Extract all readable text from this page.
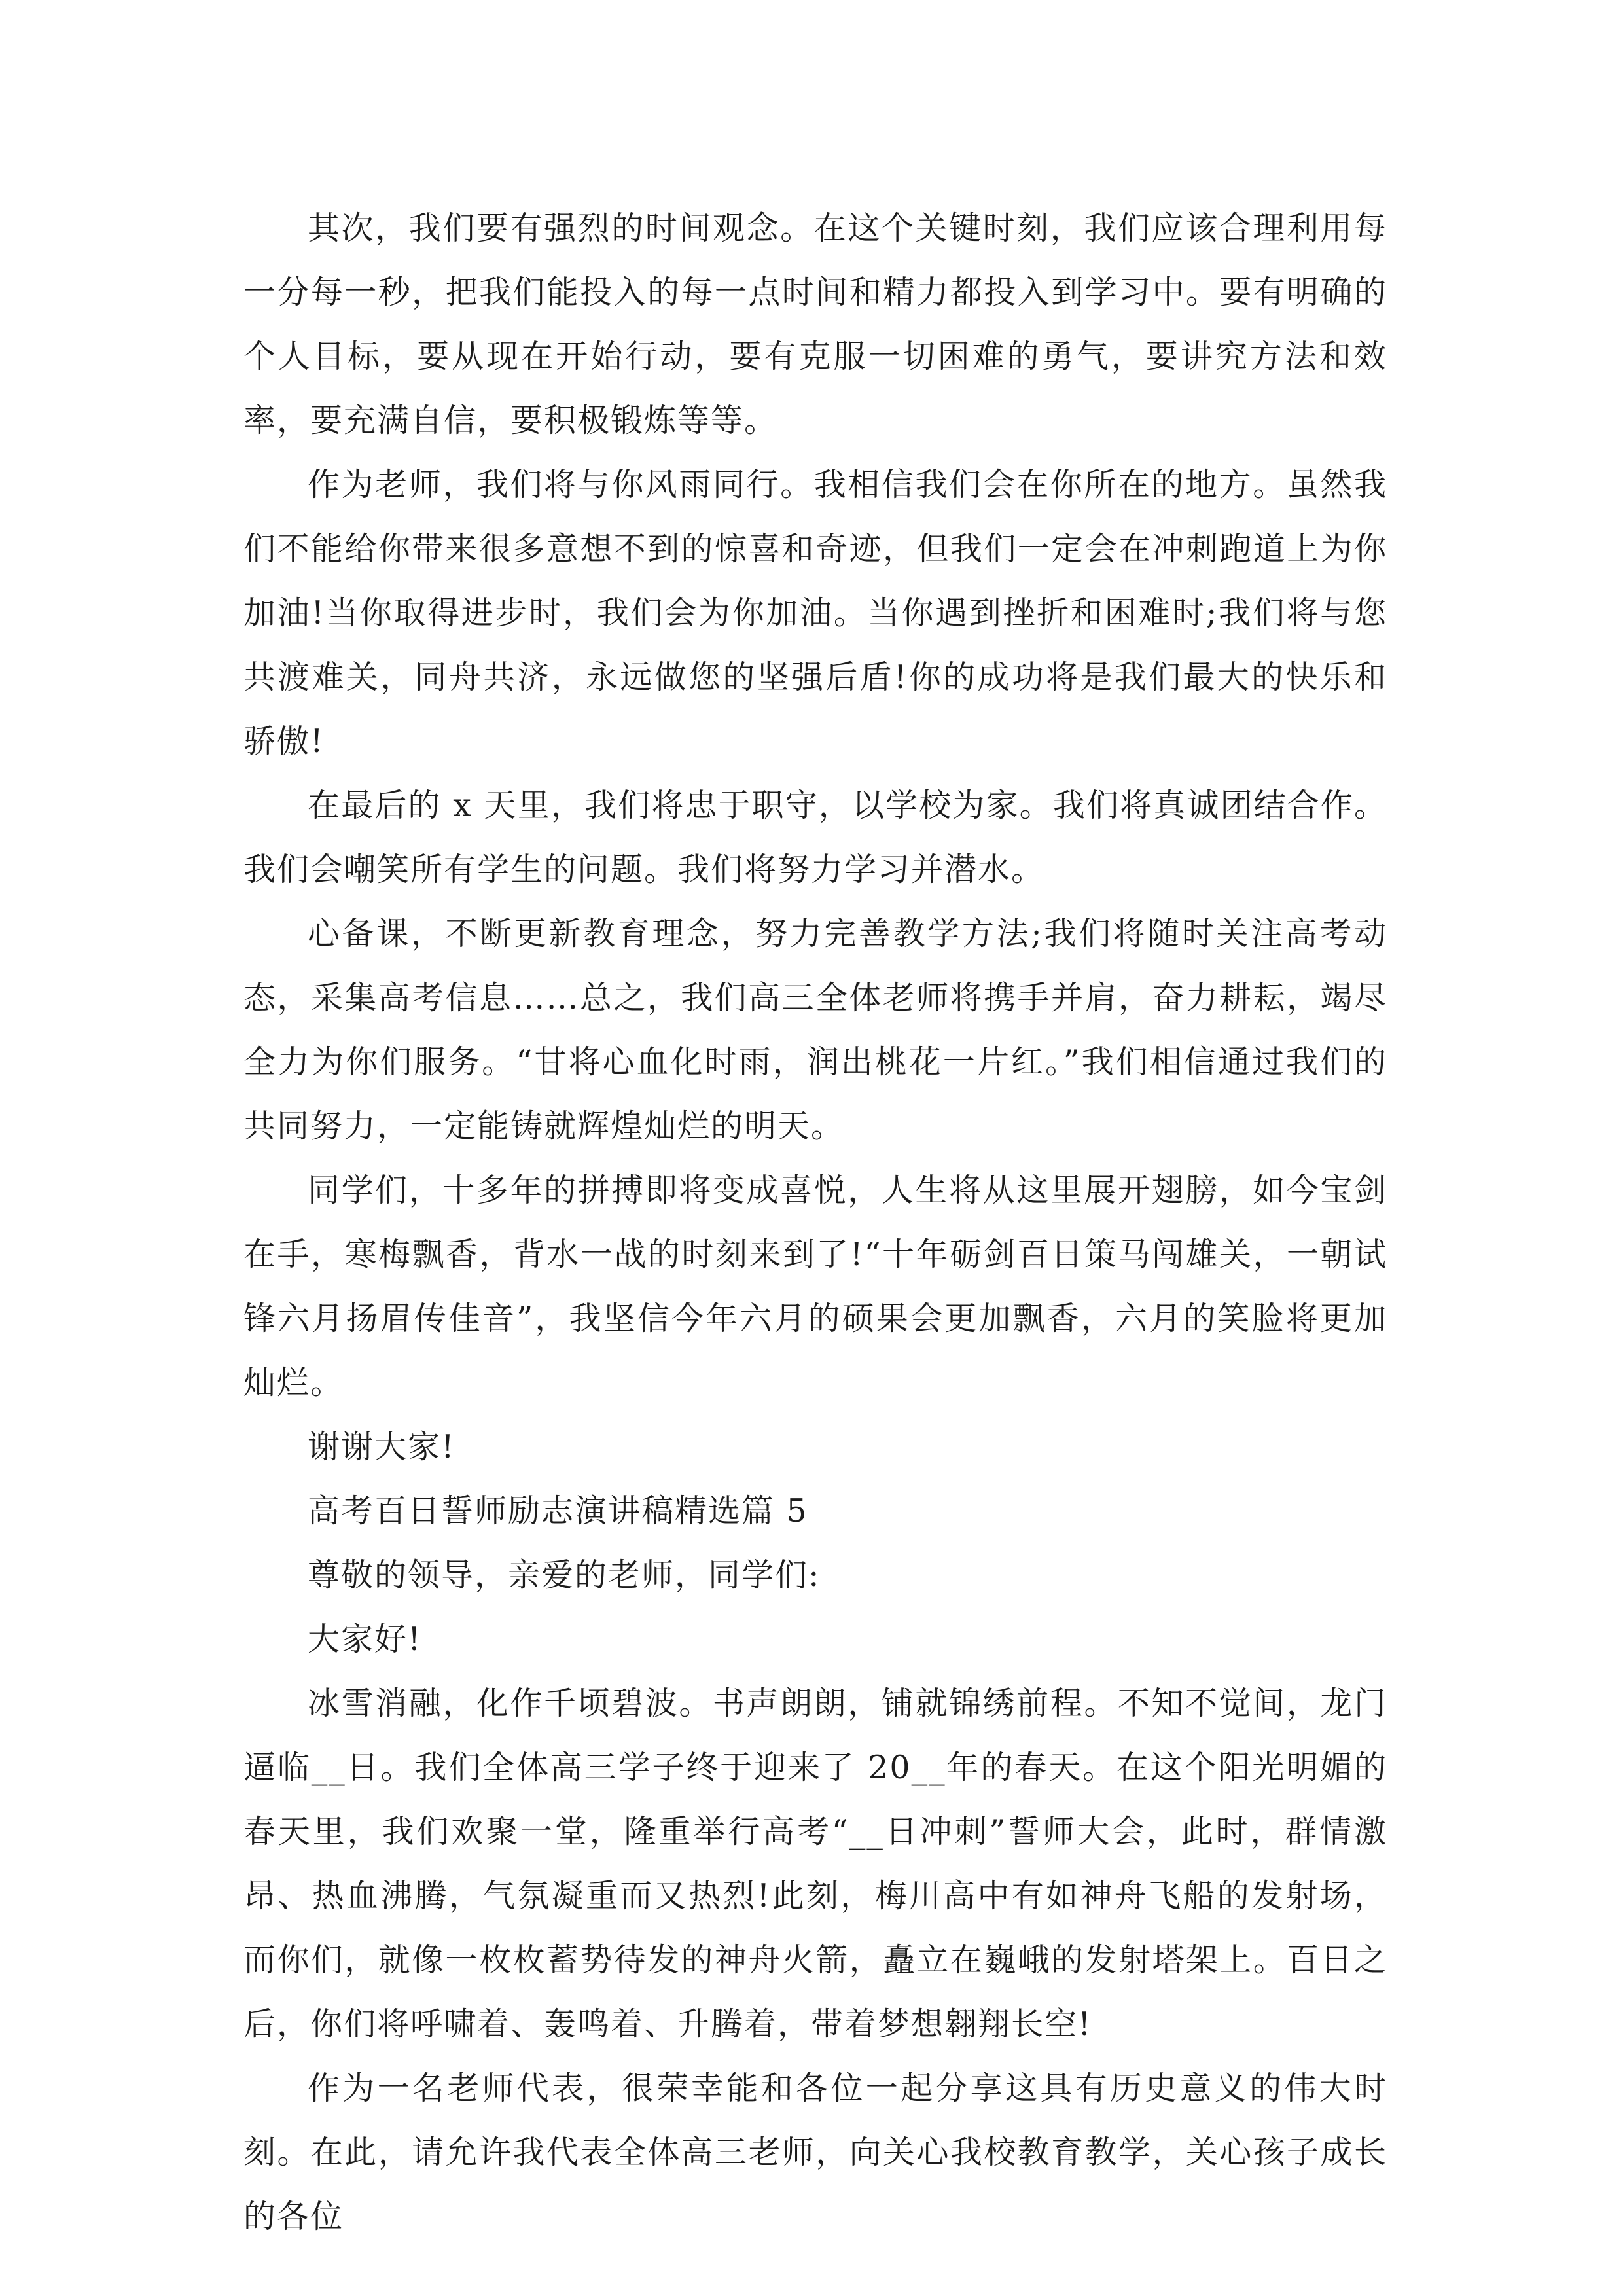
其次，我们要有强烈的时间观念。在这个关键时刻，我们应该合理利用每一分每一秒，把我们能投入的每一点时间和精力都投入到学习中。要有明确的个人目标，要从现在开始行动，要有克服一切困难的勇气，要讲究方法和效率，要充满自信，要积极锻炼等等。

作为老师，我们将与你风雨同行。我相信我们会在你所在的地方。虽然我们不能给你带来很多意想不到的惊喜和奇迹，但我们一定会在冲刺跑道上为你加油!当你取得进步时，我们会为你加油。当你遇到挫折和困难时;我们将与您共渡难关，同舟共济，永远做您的坚强后盾!你的成功将是我们最大的快乐和骄傲!

在最后的 x 天里，我们将忠于职守，以学校为家。我们将真诚团结合作。我们会嘲笑所有学生的问题。我们将努力学习并潜水。

心备课，不断更新教育理念，努力完善教学方法;我们将随时关注高考动态，采集高考信息……总之，我们高三全体老师将携手并肩，奋力耕耘，竭尽全力为你们服务。“甘将心血化时雨，润出桃花一片红。”我们相信通过我们的共同努力，一定能铸就辉煌灿烂的明天。

同学们，十多年的拼搏即将变成喜悦，人生将从这里展开翅膀，如今宝剑在手，寒梅飘香，背水一战的时刻来到了!“十年砺剑百日策马闯雄关，一朝试锋六月扬眉传佳音”，我坚信今年六月的硕果会更加飘香，六月的笑脸将更加灿烂。

谢谢大家!

高考百日誓师励志演讲稿精选篇 5

尊敬的领导，亲爱的老师，同学们:

大家好!

冰雪消融，化作千顷碧波。书声朗朗，铺就锦绣前程。不知不觉间，龙门逼临__日。我们全体高三学子终于迎来了 20__年的春天。在这个阳光明媚的春天里，我们欢聚一堂，隆重举行高考“__日冲刺”誓师大会，此时，群情激昂、热血沸腾，气氛凝重而又热烈!此刻，梅川高中有如神舟飞船的发射场，而你们，就像一枚枚蓄势待发的神舟火箭，矗立在巍峨的发射塔架上。百日之后，你们将呼啸着、轰鸣着、升腾着，带着梦想翱翔长空!

作为一名老师代表，很荣幸能和各位一起分享这具有历史意义的伟大时刻。在此，请允许我代表全体高三老师，向关心我校教育教学，关心孩子成长的各位
